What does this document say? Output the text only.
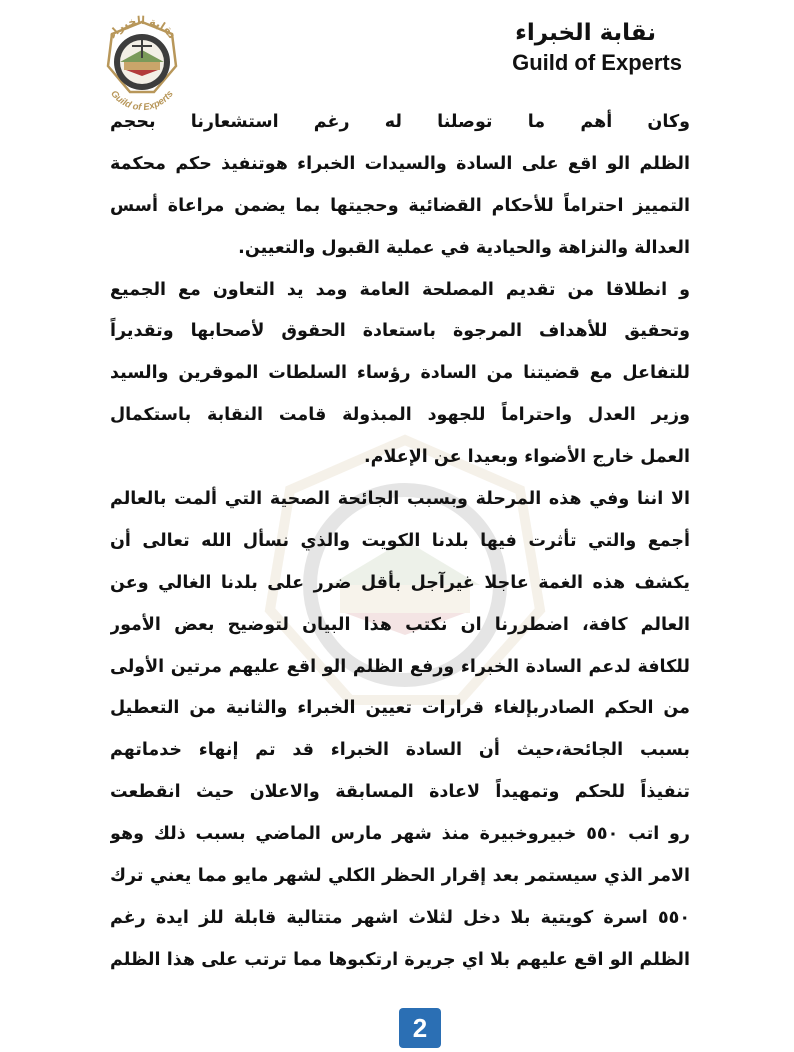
نقابة الخبراء
Guild of Experts
نقابة الخبراء
Guild of Experts
وكان أهم ما توصلنا له رغم استشعارنا بحجم
الظلم الو اقع على السادة والسيدات الخبراء هوتنفيذ حكم محكمة
التمييز احتراماً للأحكام القضائية وحجيتها بما يضمن مراعاة أسس
العدالة والنزاهة والحيادية في عملية القبول والتعيين.
و انطلاقا من تقديم المصلحة العامة ومد يد التعاون مع الجميع
وتحقيق للأهداف المرجوة باستعادة الحقوق لأصحابها وتقديراً
للتفاعل مع قضيتنا من السادة رؤساء السلطات الموقرين والسيد
وزير العدل واحتراماً للجهود المبذولة قامت النقابة باستكمال
العمل خارج الأضواء وبعيدا عن الإعلام.
الا اننا وفي هذه المرحلة وبسبب الجائحة الصحية التي ألمت بالعالم
أجمع والتي تأثرت فيها بلدنا الكويت والذي نسأل الله تعالى أن
يكشف هذه الغمة عاجلا غيرآجل بأقل ضرر على بلدنا الغالي وعن
العالم كافة، اضطررنا ان نكتب هذا البيان لتوضيح بعض الأمور
للكافة لدعم السادة الخبراء ورفع الظلم الو اقع عليهم مرتين الأولى
من الحكم الصادربإلغاء قرارات تعيين الخبراء والثانية من التعطيل
بسبب الجائحة،حيث أن السادة الخبراء قد تم إنهاء خدماتهم
تنفيذاً للحكم وتمهيداً لاعادة المسابقة والاعلان حيث انقطعت
رو اتب ٥٥٠ خبيروخبيرة منذ شهر مارس الماضي بسبب ذلك وهو
الامر الذي سيستمر بعد إقرار الحظر الكلي لشهر مايو مما يعني ترك
٥٥٠ اسرة كويتية بلا دخل لثلاث اشهر متتالية قابلة للز ايدة رغم
الظلم الو اقع عليهم بلا اي جريرة ارتكبوها مما ترتب على هذا الظلم
2
